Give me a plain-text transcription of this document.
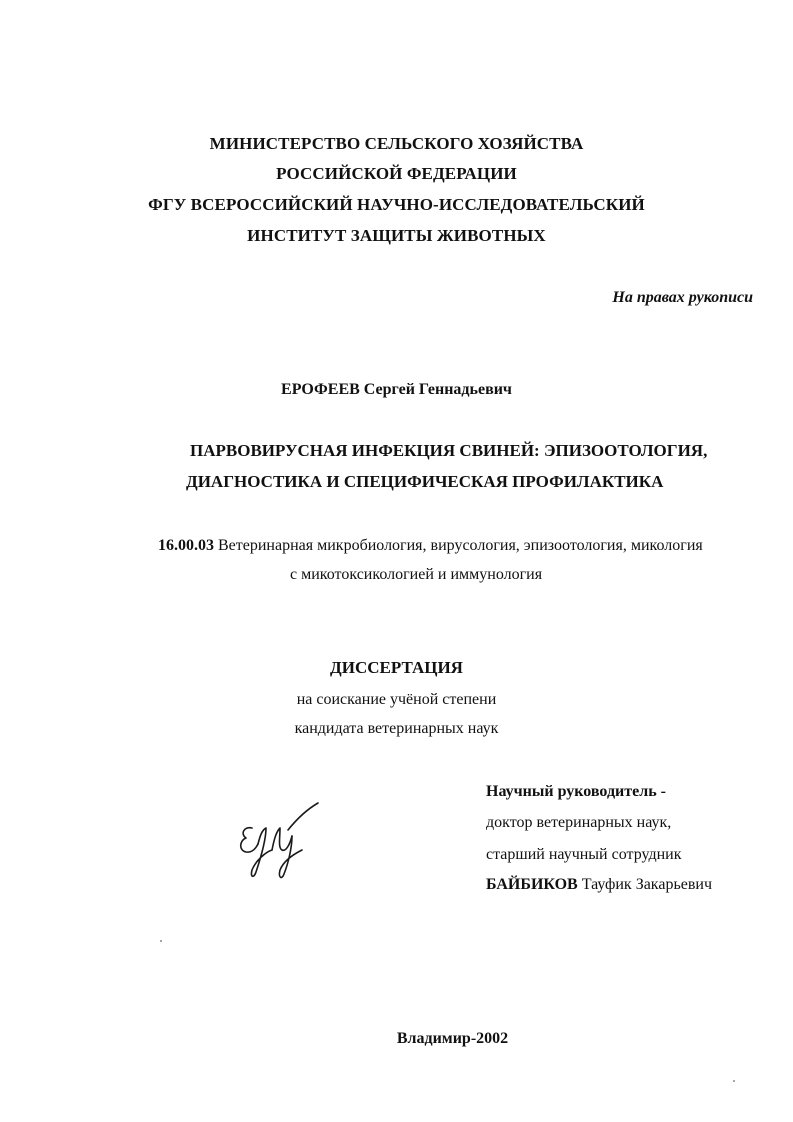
МИНИСТЕРСТВО СЕЛЬСКОГО ХОЗЯЙСТВА
РОССИЙСКОЙ ФЕДЕРАЦИИ
ФГУ ВСЕРОССИЙСКИЙ НАУЧНО-ИССЛЕДОВАТЕЛЬСКИЙ
ИНСТИТУТ ЗАЩИТЫ ЖИВОТНЫХ
На правах рукописи
ЕРОФЕЕВ Сергей Геннадьевич
ПАРВОВИРУСНАЯ ИНФЕКЦИЯ СВИНЕЙ: ЭПИЗООТОЛОГИЯ,
ДИАГНОСТИКА И СПЕЦИФИЧЕСКАЯ ПРОФИЛАКТИКА
16.00.03 Ветеринарная микробиология, вирусология, эпизоотология, микология
с микотоксикологией и иммунология
ДИССЕРТАЦИЯ
на соискание учёной степени
кандидата ветеринарных наук
Научный руководитель -
доктор ветеринарных наук,
старший научный сотрудник
БАЙБИКОВ Тауфик Закарьевич
Владимир-2002
